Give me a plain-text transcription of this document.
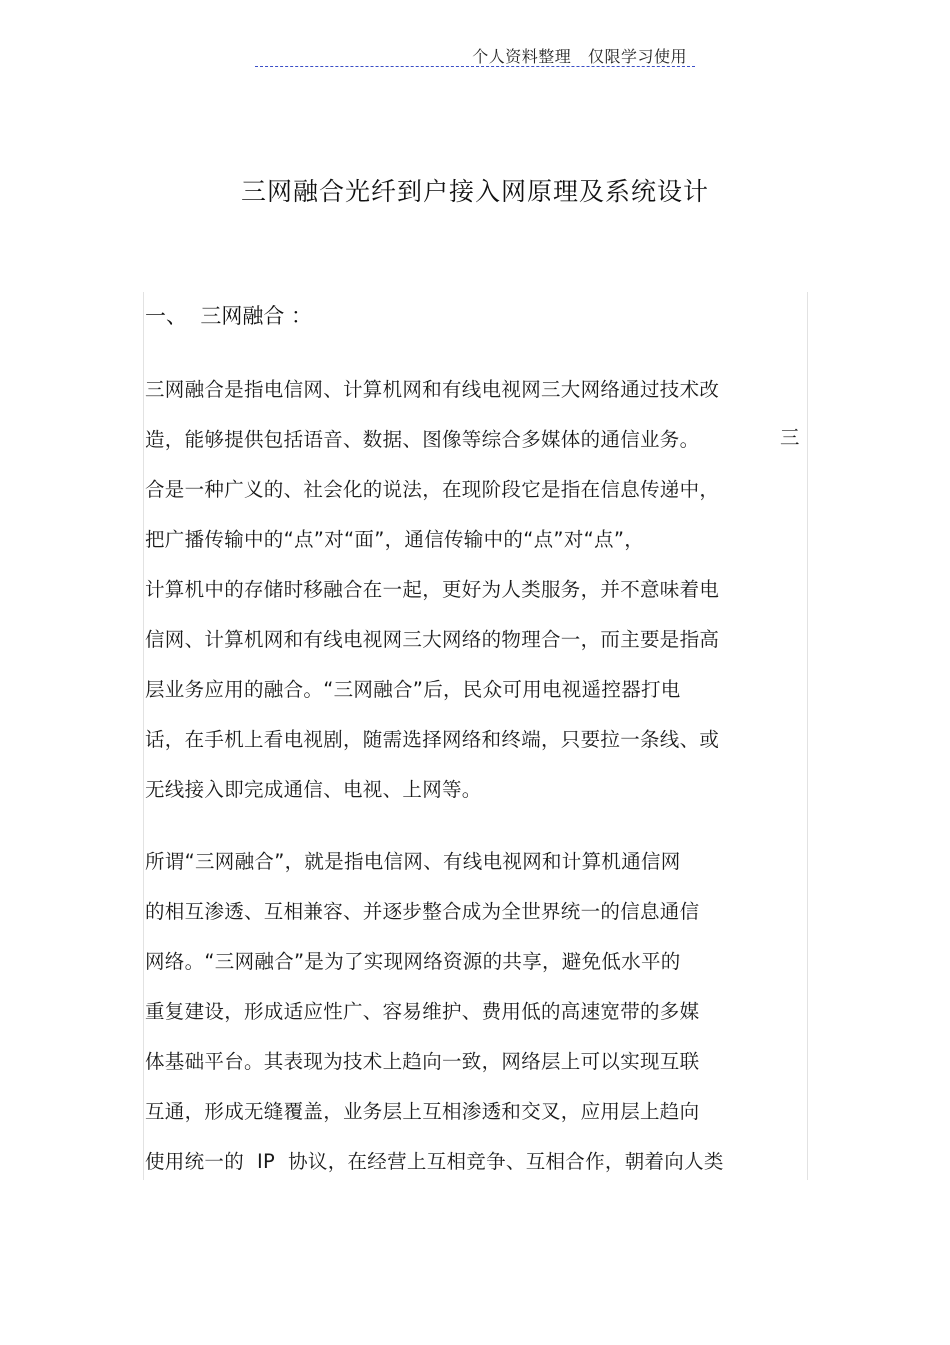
个人资料整理   仅限学习使用
三网融合光纤到户接入网原理及系统设计
一、  三网融合 ：
三
三网融合是指电信网、计算机网和有线电视网三大网络通过技术改
造，能够提供包括语音、数据、图像等综合多媒体的通信业务。
合是一种广义的、社会化的说法，在现阶段它是指在信息传递中，
把广播传输中的“点”对“面”，通信传输中的“点”对“点”，
计算机中的存储时移融合在一起，更好为人类服务，并不意味着电
信网、计算机网和有线电视网三大网络的物理合一，而主要是指高
层业务应用的融合。“三网融合”后，民众可用电视遥控器打电
话，在手机上看电视剧，随需选择网络和终端，只要拉一条线、或
无线接入即完成通信、电视、上网等。
所谓“三网融合”，就是指电信网、有线电视网和计算机通信网
的相互渗透、互相兼容、并逐步整合成为全世界统一的信息通信
网络。“三网融合”是为了实现网络资源的共享，避免低水平的
重复建设，形成适应性广、容易维护、费用低的高速宽带的多媒
体基础平台。其表现为技术上趋向一致，网络层上可以实现互联
互通，形成无缝覆盖，业务层上互相渗透和交叉，应用层上趋向
使用统一的  IP  协议，在经营上互相竞争、互相合作，朝着向人类
